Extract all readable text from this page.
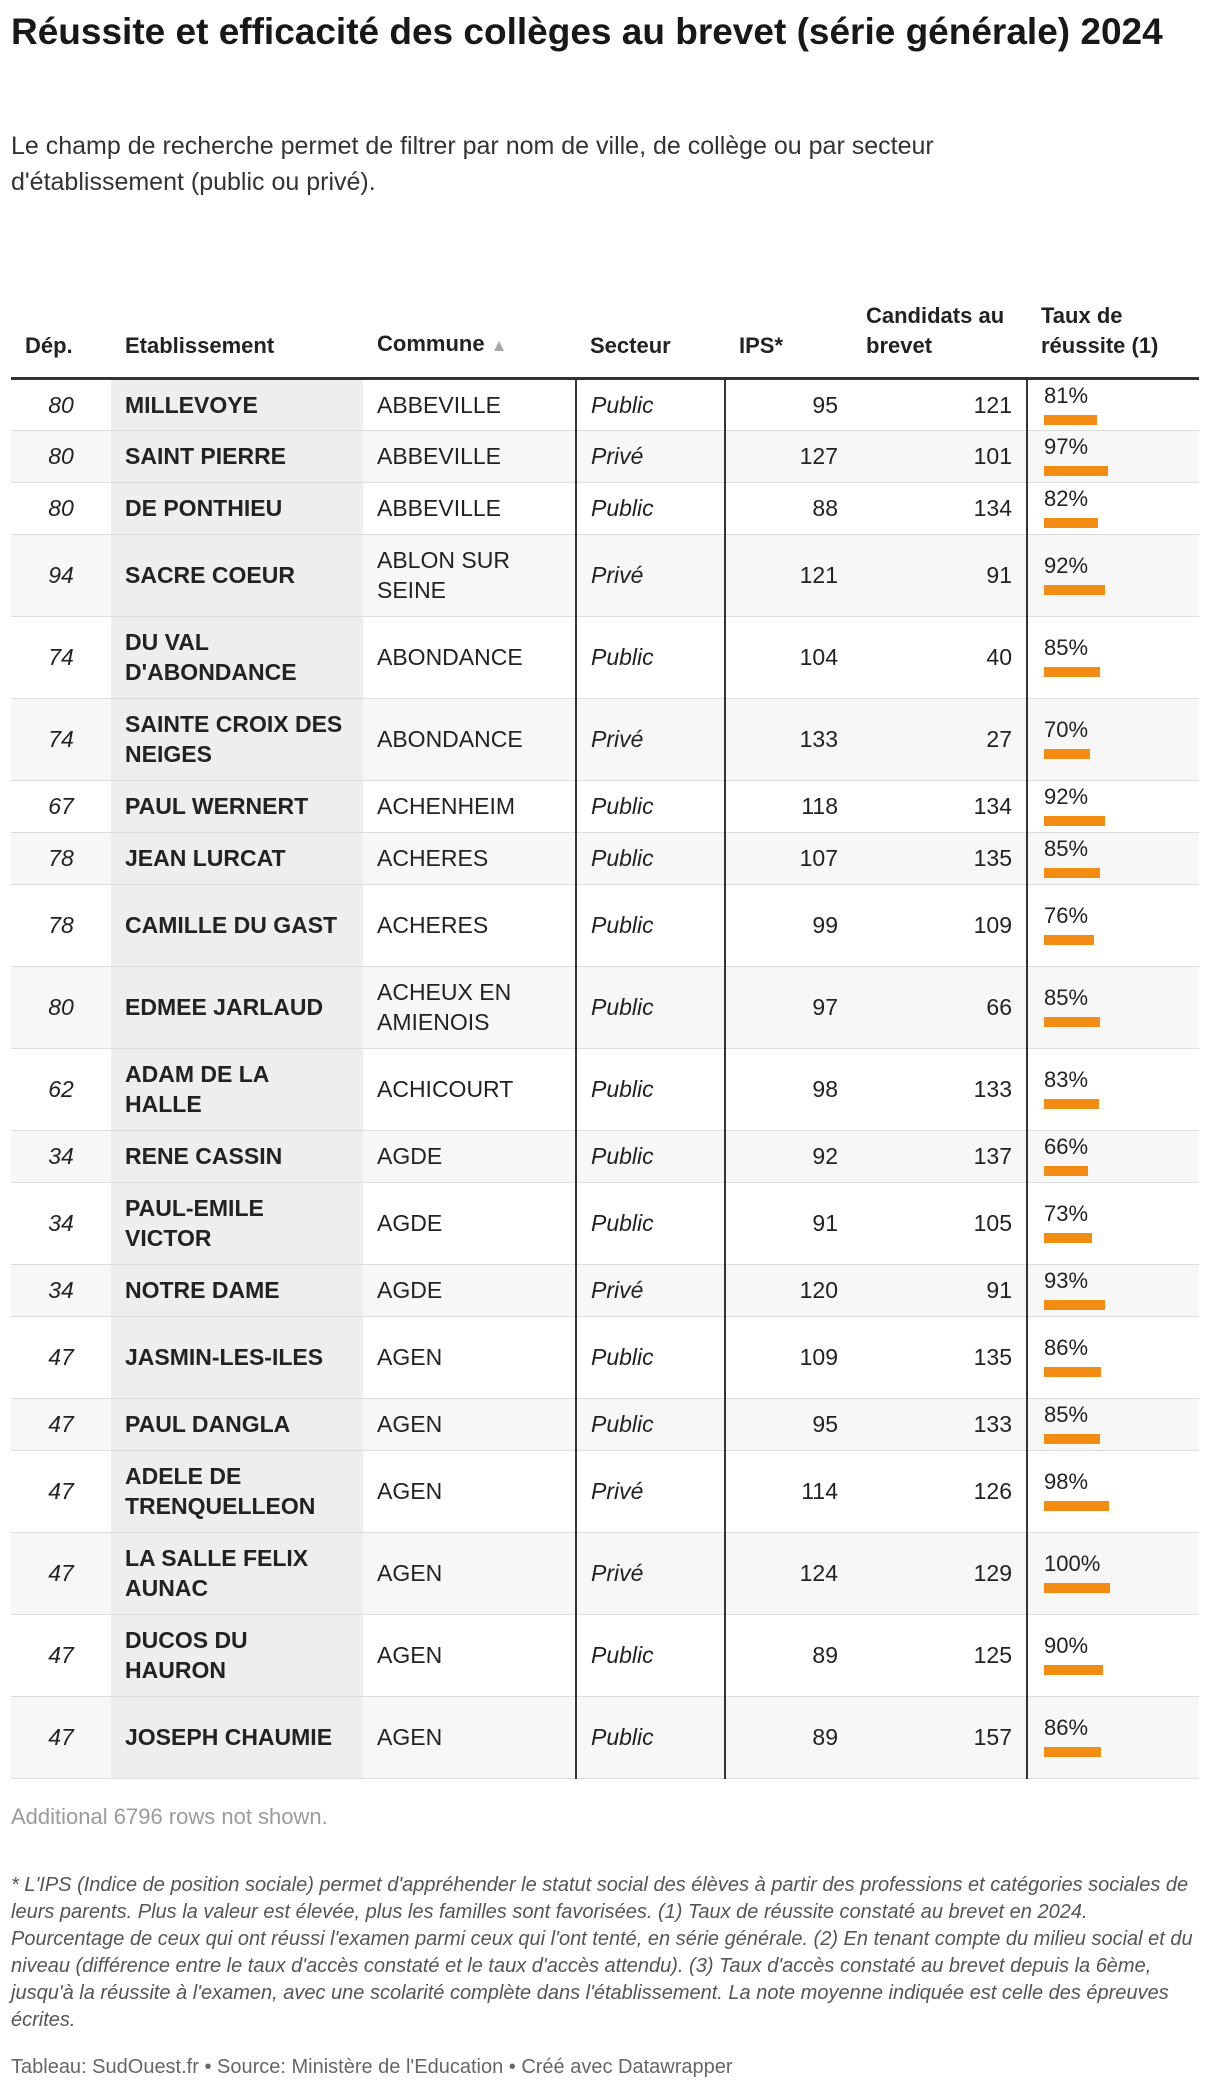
Réussite et efficacité des collèges au brevet (série générale) 2024

Le champ de recherche permet de filtrer par nom de ville, de collège ou par secteur d'établissement (public ou privé).

Dép.	Etablissement	Commune ▲	Secteur	IPS*	Candidats au brevet	Taux de réussite (1)
80	MILLEVOYE	ABBEVILLE	Public	95	121	81%

80	SAINT PIERRE	ABBEVILLE	Privé	127	101	97%

80	DE PONTHIEU	ABBEVILLE	Public	88	134	82%

94	SACRE COEUR	ABLON SUR SEINE	Privé	121	91	92%

74	DU VAL D'ABONDANCE	ABONDANCE	Public	104	40	85%

74	SAINTE CROIX DES NEIGES	ABONDANCE	Privé	133	27	70%

67	PAUL WERNERT	ACHENHEIM	Public	118	134	92%

78	JEAN LURCAT	ACHERES	Public	107	135	85%

78	CAMILLE DU GAST	ACHERES	Public	99	109	76%

80	EDMEE JARLAUD	ACHEUX EN AMIENOIS	Public	97	66	85%

62	ADAM DE LA HALLE	ACHICOURT	Public	98	133	83%

34	RENE CASSIN	AGDE	Public	92	137	66%

34	PAUL-EMILE VICTOR	AGDE	Public	91	105	73%

34	NOTRE DAME	AGDE	Privé	120	91	93%

47	JASMIN-LES-ILES	AGEN	Public	109	135	86%

47	PAUL DANGLA	AGEN	Public	95	133	85%

47	ADELE DE TRENQUELLEON	AGEN	Privé	114	126	98%

47	LA SALLE FELIX AUNAC	AGEN	Privé	124	129	100%

47	DUCOS DU HAURON	AGEN	Public	89	125	90%

47	JOSEPH CHAUMIE	AGEN	Public	89	157	86%

Additional 6796 rows not shown.

* L'IPS (Indice de position sociale) permet d'appréhender le statut social des élèves à partir des professions et catégories sociales de leurs parents. Plus la valeur est élevée, plus les familles sont favorisées. (1) Taux de réussite constaté au brevet en 2024. Pourcentage de ceux qui ont réussi l'examen parmi ceux qui l'ont tenté, en série générale. (2) En tenant compte du milieu social et du niveau (différence entre le taux d'accès constaté et le taux d'accès attendu). (3) Taux d'accès constaté au brevet depuis la 6ème, jusqu'à la réussite à l'examen, avec une scolarité complète dans l'établissement. La note moyenne indiquée est celle des épreuves écrites.

Tableau: SudOuest.fr • Source: Ministère de l'Education • Créé avec Datawrapper
